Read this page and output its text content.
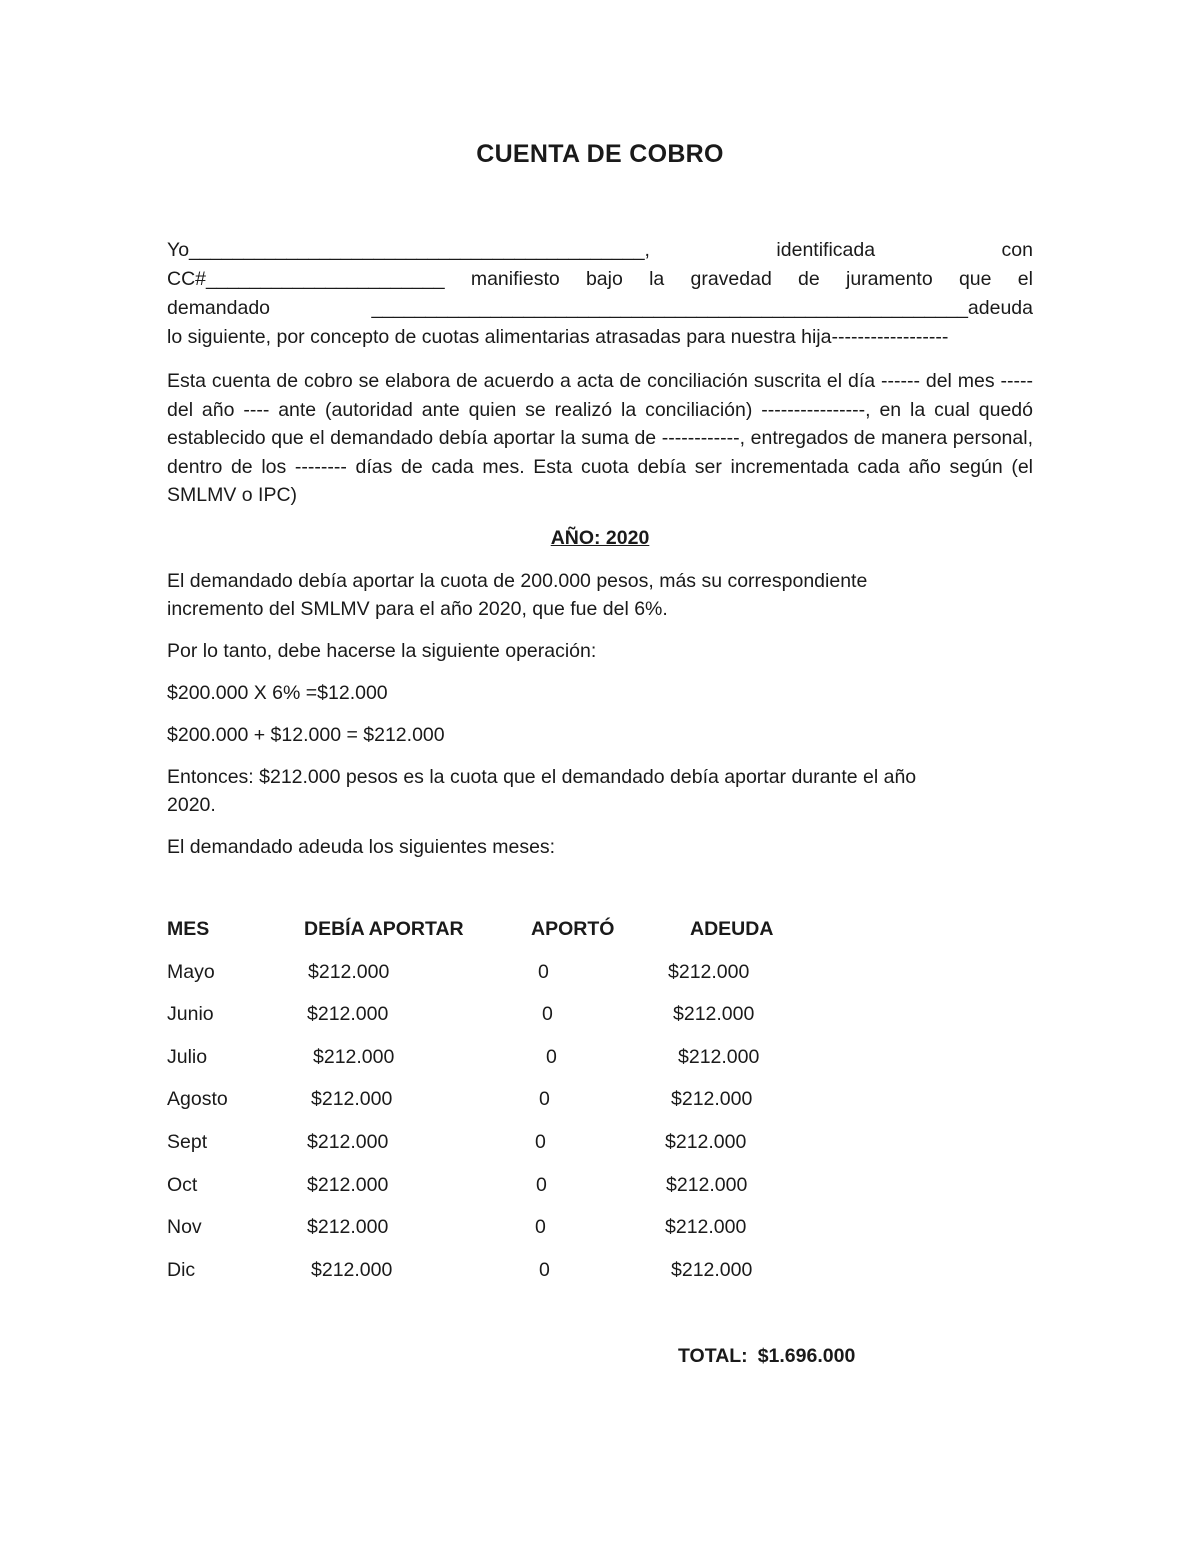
CUENTA DE COBRO
Yo__________________________________________,	identificada	con
CC#______________________ manifiesto bajo la gravedad de juramento que el
demandado	_______________________________________________________adeuda
lo siguiente, por concepto de cuotas alimentarias atrasadas para nuestra hija------------------
Esta cuenta de cobro se elabora de acuerdo a acta de conciliación suscrita el día ------ del mes -----del año ---- ante (autoridad ante quien se realizó la conciliación) ----------------, en la cual quedó establecido que el demandado debía aportar la suma de ------------, entregados de manera personal, dentro de los -------- días de cada mes. Esta cuota debía ser incrementada cada año según (el SMLMV o IPC)
AÑO: 2020
El demandado debía aportar la cuota de 200.000 pesos, más su correspondiente
incremento del SMLMV para el año 2020, que fue del 6%.
Por lo tanto, debe hacerse la siguiente operación:
$200.000 X 6% =$12.000
$200.000 + $12.000 = $212.000
Entonces: $212.000 pesos es la cuota que el demandado debía aportar durante el año
2020.
El demandado adeuda los siguientes meses:
MES	DEBÍA APORTAR	APORTÓ	ADEUDA
Mayo	$212.000	0	$212.000
Junio	$212.000	0	$212.000
Julio	$212.000	0	$212.000
Agosto	$212.000	0	$212.000
Sept	$212.000	0	$212.000
Oct	$212.000	0	$212.000
Nov	$212.000	0	$212.000
Dic	$212.000	0	$212.000
TOTAL: $1.696.000
